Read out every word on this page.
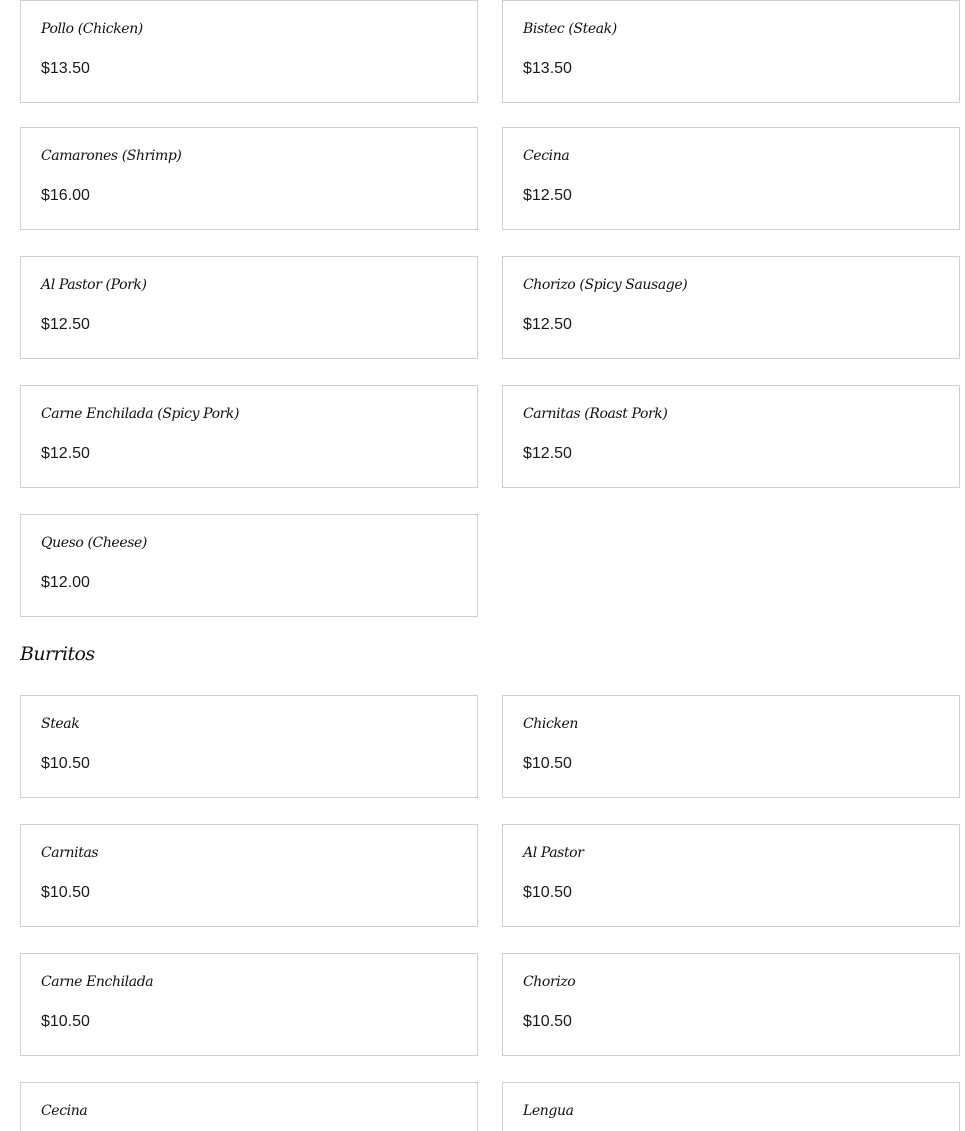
Pollo (Chicken)
$13.50
Bistec (Steak)
$13.50
Camarones (Shrimp)
$16.00
Cecina
$12.50
Al Pastor (Pork)
$12.50
Chorizo (Spicy Sausage)
$12.50
Carne Enchilada (Spicy Pork)
$12.50
Carnitas (Roast Pork)
$12.50
Queso (Cheese)
$12.00
Burritos
Steak
$10.50
Chicken
$10.50
Carnitas
$10.50
Al Pastor
$10.50
Carne Enchilada
$10.50
Chorizo
$10.50
Cecina	Lengua
